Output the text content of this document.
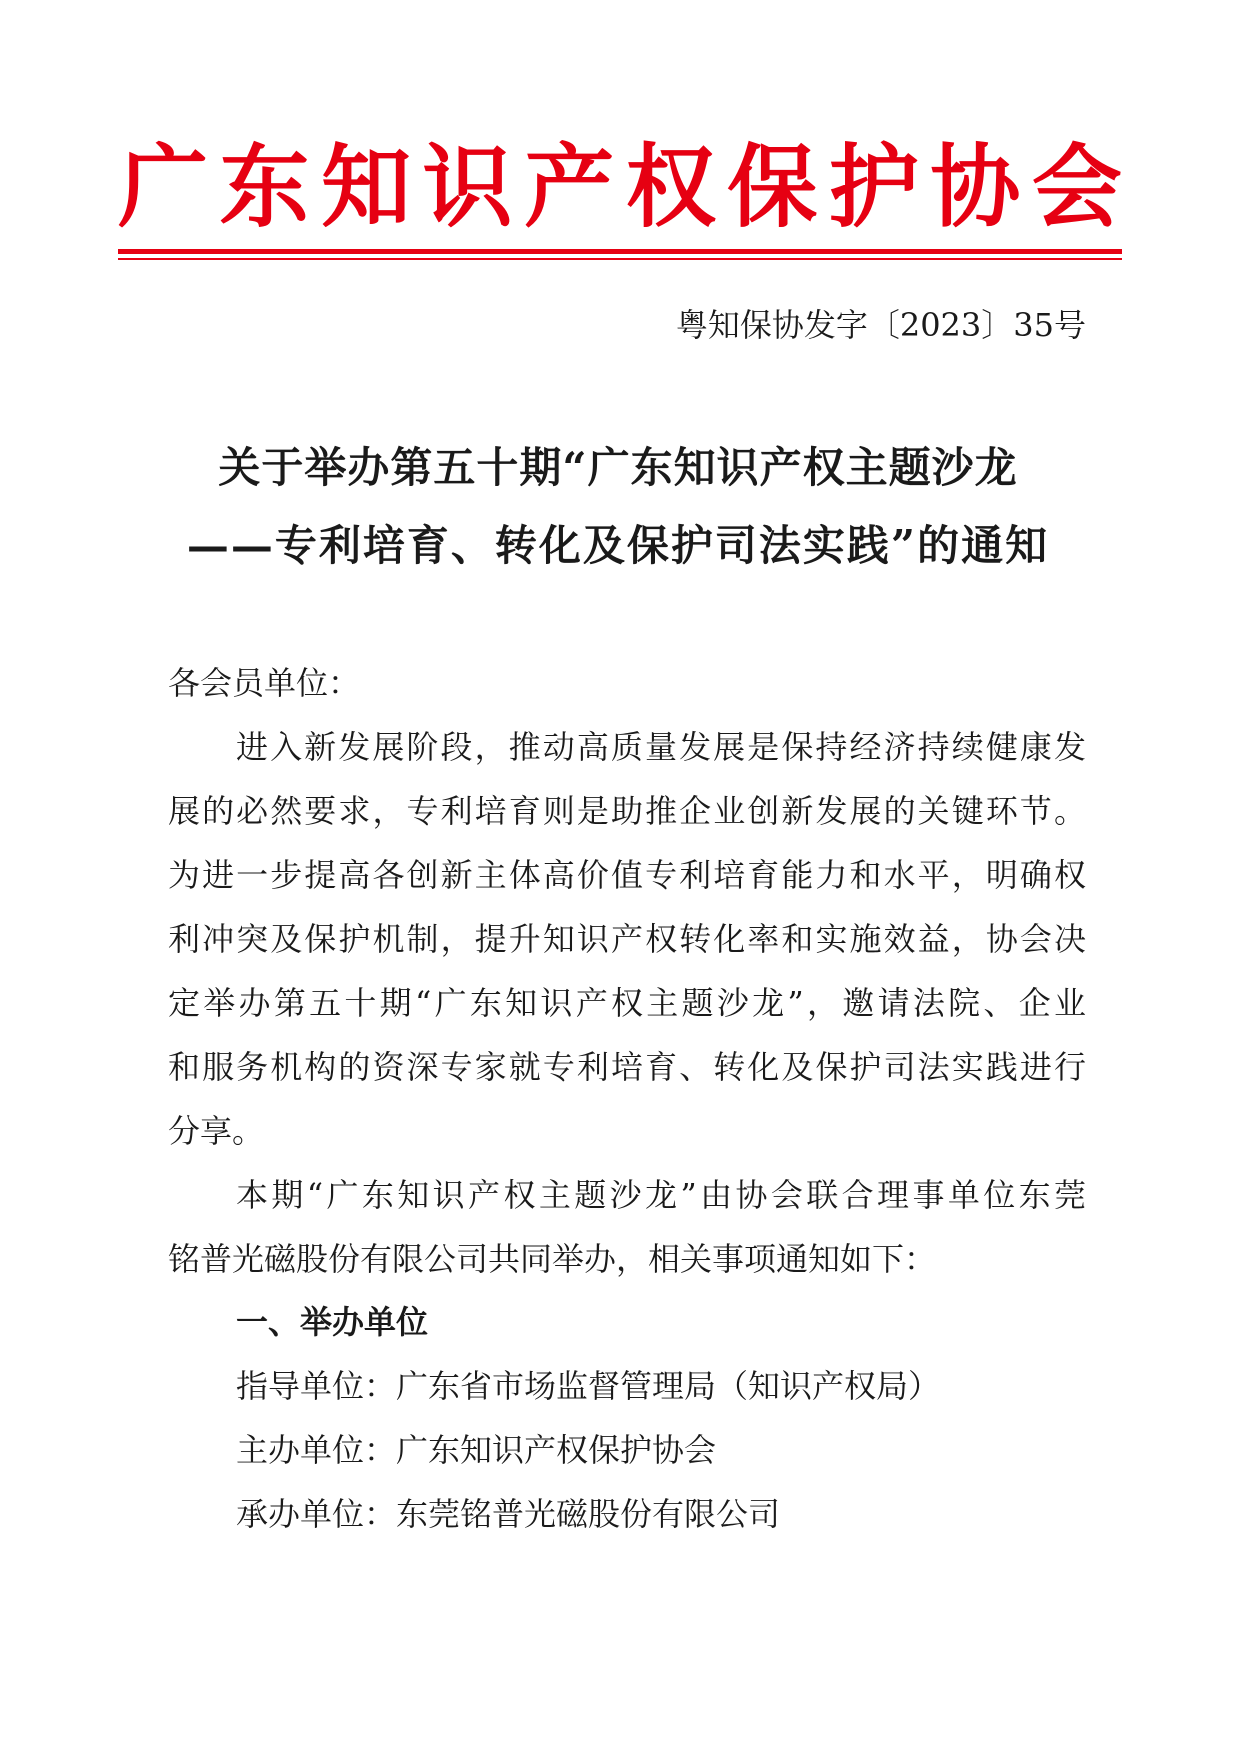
广 东 知 识 产 权 保 护 协 会
粤知保协发字〔2023〕35号
关于举办第五十期“广东知识产权主题沙龙
——专利培育、转化及保护司法实践”的通知
各会员单位：
进入新发展阶段，推动高质量发展是保持经济持续健康发
展的必然要求，专利培育则是助推企业创新发展的关键环节。
为进一步提高各创新主体高价值专利培育能力和水平，明确权
利冲突及保护机制，提升知识产权转化率和实施效益，协会决
定举办第五十期“广东知识产权主题沙龙”，邀请法院、企业
和服务机构的资深专家就专利培育、转化及保护司法实践进行
分享。
本期“广东知识产权主题沙龙”由协会联合理事单位东莞
铭普光磁股份有限公司共同举办，相关事项通知如下：
一、举办单位
指导单位：广东省市场监督管理局（知识产权局）
主办单位：广东知识产权保护协会
承办单位：东莞铭普光磁股份有限公司
